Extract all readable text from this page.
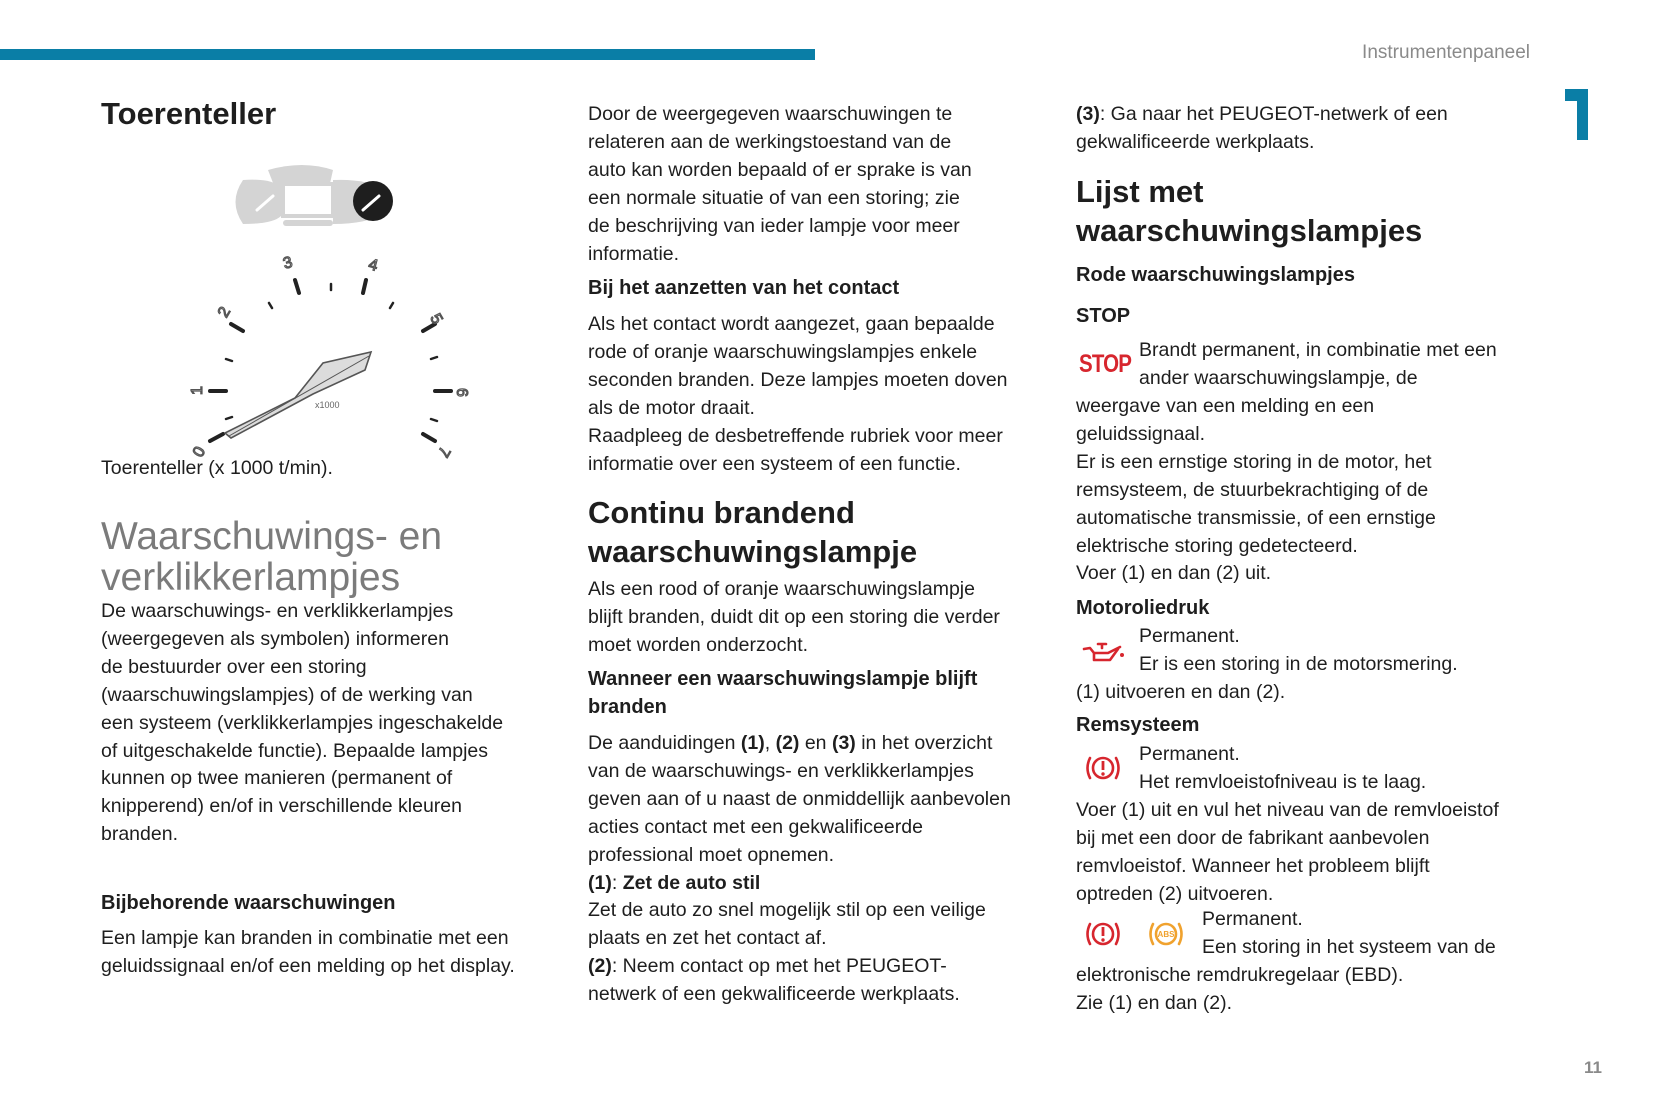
Instrumentenpaneel
Toerenteller
0
1
2
3	4
5
6
7
x1000
Toerenteller (x 1000 t/min).
Waarschuwings- en
verklikkerlampjes
De waarschuwings- en verklikkerlampjes
(weergegeven als symbolen) informeren
de bestuurder over een storing
(waarschuwingslampjes) of de werking van
een systeem (verklikkerlampjes ingeschakelde
of uitgeschakelde functie). Bepaalde lampjes
kunnen op twee manieren (permanent of
knipperend) en/of in verschillende kleuren
branden.
Bijbehorende waarschuwingen
Een lampje kan branden in combinatie met een
geluidssignaal en/of een melding op het display.
Door de weergegeven waarschuwingen te
relateren aan de werkingstoestand van de
auto kan worden bepaald of er sprake is van
een normale situatie of van een storing; zie
de beschrijving van ieder lampje voor meer
informatie.
Bij het aanzetten van het contact
Als het contact wordt aangezet, gaan bepaalde
rode of oranje waarschuwingslampjes enkele
seconden branden. Deze lampjes moeten doven
als de motor draait.
Raadpleeg de desbetreffende rubriek voor meer
informatie over een systeem of een functie.
Continu brandend
waarschuwingslampje
Als een rood of oranje waarschuwingslampje
blijft branden, duidt dit op een storing die verder
moet worden onderzocht.
Wanneer een waarschuwingslampje blijft
branden
De aanduidingen (1), (2) en (3) in het overzicht
van de waarschuwings- en verklikkerlampjes
geven aan of u naast de onmiddellijk aanbevolen
acties contact met een gekwalificeerde
professional moet opnemen.
(1): Zet de auto stil
Zet de auto zo snel mogelijk stil op een veilige
plaats en zet het contact af.
(2): Neem contact op met het PEUGEOT-
netwerk of een gekwalificeerde werkplaats.
(3): Ga naar het PEUGEOT-netwerk of een
gekwalificeerde werkplaats.
Lijst met
waarschuwingslampjes
Rode waarschuwingslampjes
STOP
STOP Brandt permanent, in combinatie met een
ander waarschuwingslampje, de
weergave van een melding en een
geluidssignaal.
Er is een ernstige storing in de motor, het
remsysteem, de stuurbekrachtiging of de
automatische transmissie, of een ernstige
elektrische storing gedetecteerd.
Voer (1) en dan (2) uit.
Motoroliedruk
Permanent.
Er is een storing in de motorsmering.
(1) uitvoeren en dan (2).
Remsysteem
Permanent.
Het remvloeistofniveau is te laag.
Voer (1) uit en vul het niveau van de remvloeistof
bij met een door de fabrikant aanbevolen
remvloeistof. Wanneer het probleem blijft
optreden (2) uitvoeren.
ABS
Permanent.
Een storing in het systeem van de
elektronische remdrukregelaar (EBD).
Zie (1) en dan (2).
11
